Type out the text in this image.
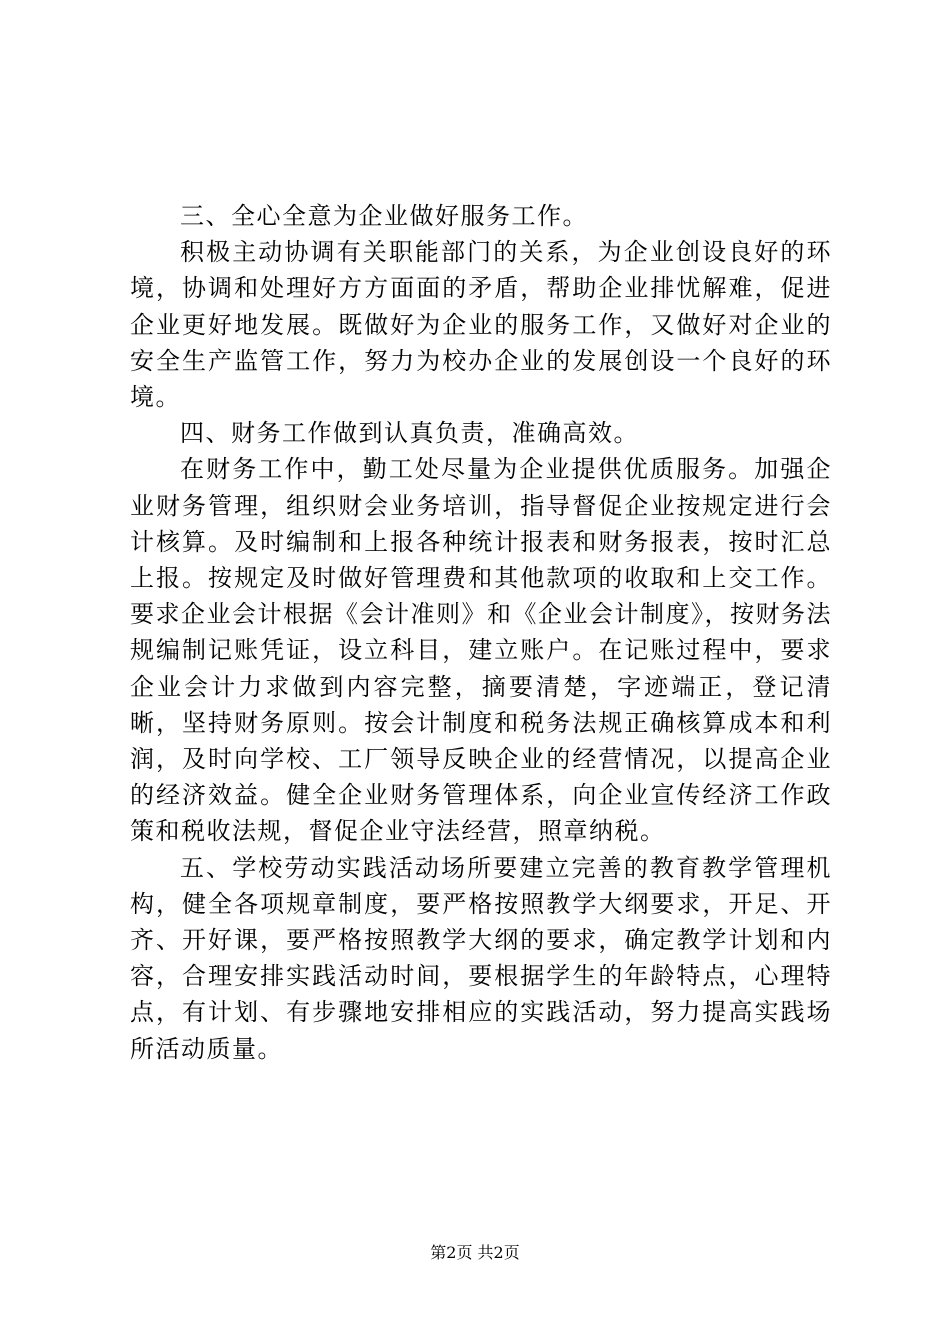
三、全心全意为企业做好服务工作。

积极主动协调有关职能部门的关系，为企业创设良好的环境，协调和处理好方方面面的矛盾，帮助企业排忧解难，促进企业更好地发展。既做好为企业的服务工作，又做好对企业的安全生产监管工作，努力为校办企业的发展创设一个良好的环境。

四、财务工作做到认真负责，准确高效。

在财务工作中，勤工处尽量为企业提供优质服务。加强企业财务管理，组织财会业务培训，指导督促企业按规定进行会计核算。及时编制和上报各种统计报表和财务报表，按时汇总上报。按规定及时做好管理费和其他款项的收取和上交工作。要求企业会计根据《会计准则》和《企业会计制度》，按财务法规编制记账凭证，设立科目，建立账户。在记账过程中，要求企业会计力求做到内容完整，摘要清楚，字迹端正，登记清晰，坚持财务原则。按会计制度和税务法规正确核算成本和利润，及时向学校、工厂领导反映企业的经营情况，以提高企业的经济效益。健全企业财务管理体系，向企业宣传经济工作政策和税收法规，督促企业守法经营，照章纳税。

五、学校劳动实践活动场所要建立完善的教育教学管理机构，健全各项规章制度，要严格按照教学大纲要求，开足、开齐、开好课，要严格按照教学大纲的要求，确定教学计划和内容，合理安排实践活动时间，要根据学生的年龄特点，心理特点，有计划、有步骤地安排相应的实践活动，努力提高实践场所活动质量。

第2页 共2页
